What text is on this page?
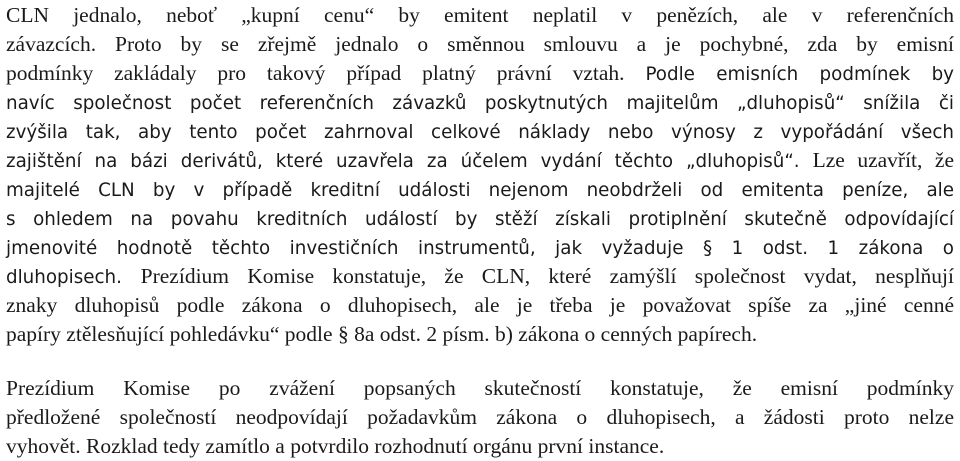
CLN jednalo, neboť „kupní cenu“ by emitent neplatil v penězích, ale v referenčních
závazcích. Proto by se zřejmě jednalo o směnnou smlouvu a je pochybné, zda by emisní
podmínky zakládaly pro takový případ platný právní vztah. Podle emisních podmínek by
navíc společnost počet referenčních závazků poskytnutých majitelům „dluhopisů“ snížila či
zvýšila tak, aby tento počet zahrnoval celkové náklady nebo výnosy z vypořádání všech
zajištění na bázi derivátů, které uzavřela za účelem vydání těchto „dluhopisů“. Lze uzavřít, že
majitelé CLN by v případě kreditní události nejenom neobdrželi od emitenta peníze, ale
s ohledem na povahu kreditních událostí by stěží získali protiplnění skutečně odpovídající
jmenovité hodnotě těchto investičních instrumentů, jak vyžaduje § 1 odst. 1 zákona o
dluhopisech. Prezídium Komise konstatuje, že CLN, které zamýšlí společnost vydat, nesplňují
znaky dluhopisů podle zákona o dluhopisech, ale je třeba je považovat spíše za „jiné cenné
papíry ztělesňující pohledávku“ podle § 8a odst. 2 písm. b) zákona o cenných papírech.
Prezídium Komise po zvážení popsaných skutečností konstatuje, že emisní podmínky
předložené společností neodpovídají požadavkům zákona o dluhopisech, a žádosti proto nelze
vyhovět. Rozklad tedy zamítlo a potvrdilo rozhodnutí orgánu první instance.
